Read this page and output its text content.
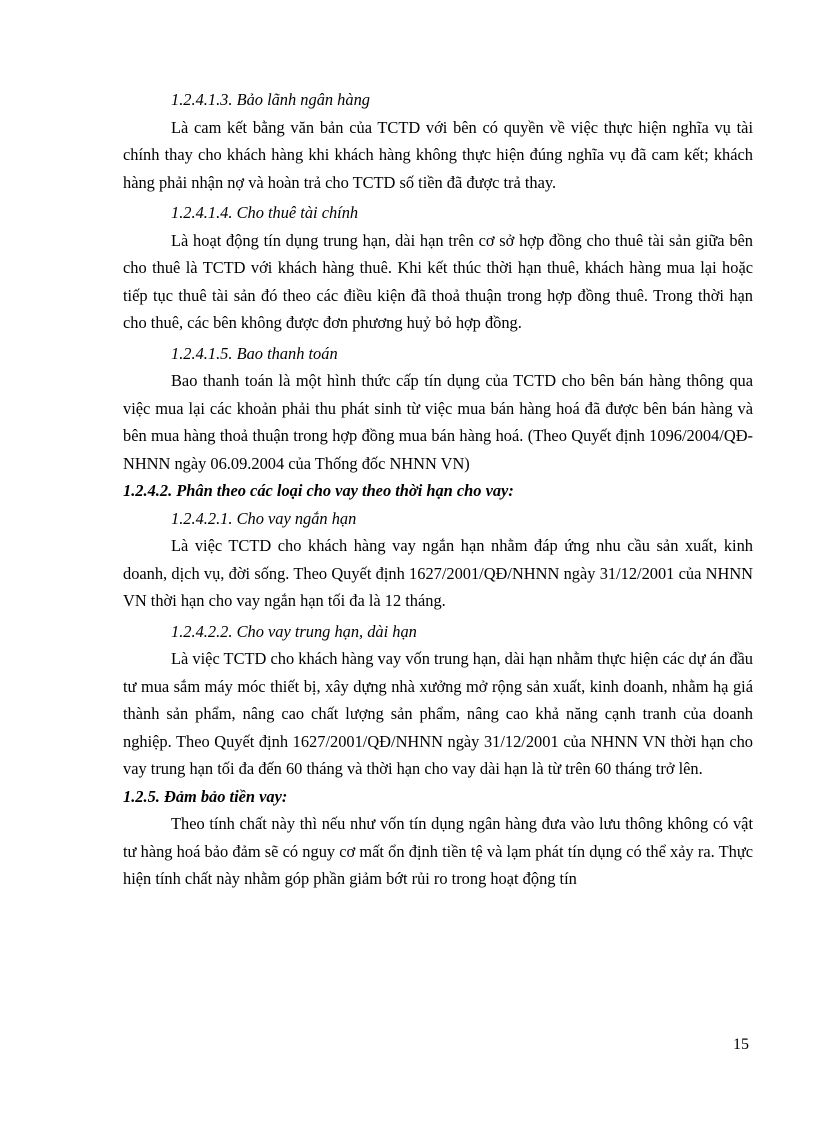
1.2.4.1.3. Bảo lãnh ngân hàng

Là cam kết bằng văn bản của TCTD với bên có quyền về việc thực hiện nghĩa vụ tài chính thay cho khách hàng khi khách hàng không thực hiện đúng nghĩa vụ đã cam kết; khách hàng phải nhận nợ và hoàn trả cho TCTD số tiền đã được trả thay.

1.2.4.1.4. Cho thuê tài chính

Là hoạt động tín dụng trung hạn, dài hạn trên cơ sở hợp đồng cho thuê tài sản giữa bên cho thuê là TCTD với khách hàng thuê. Khi kết thúc thời hạn thuê, khách hàng mua lại hoặc tiếp tục thuê tài sản đó theo các điều kiện đã thoả thuận trong hợp đồng thuê. Trong thời hạn cho thuê, các bên không được đơn phương huỷ bỏ hợp đồng.

1.2.4.1.5. Bao thanh toán

Bao thanh toán là một hình thức cấp tín dụng của TCTD cho bên bán hàng thông qua việc mua lại các khoản phải thu phát sinh từ việc mua bán hàng hoá đã được bên bán hàng và bên mua hàng thoả thuận trong hợp đồng mua bán hàng hoá. (Theo Quyết định 1096/2004/QĐ-NHNN ngày 06.09.2004 của Thống đốc NHNN VN)

1.2.4.2. Phân theo các loại cho vay theo thời hạn cho vay:

1.2.4.2.1. Cho vay ngắn hạn

Là việc TCTD cho khách hàng vay ngắn hạn nhằm đáp ứng nhu cầu sản xuất, kinh doanh, dịch vụ, đời sống. Theo Quyết định 1627/2001/QĐ/NHNN ngày 31/12/2001 của NHNN VN thời hạn cho vay ngắn hạn tối đa là 12 tháng.

1.2.4.2.2. Cho vay trung hạn, dài hạn

Là việc TCTD cho khách hàng vay vốn trung hạn, dài hạn nhằm thực hiện các dự án đầu tư mua sắm máy móc thiết bị, xây dựng nhà xưởng mở rộng sản xuất, kinh doanh, nhằm hạ giá thành sản phẩm, nâng cao chất lượng sản phẩm, nâng cao khả năng cạnh tranh của doanh nghiệp. Theo Quyết định 1627/2001/QĐ/NHNN ngày 31/12/2001 của NHNN VN thời hạn cho vay trung hạn tối đa đến 60 tháng và thời hạn cho vay dài hạn là từ trên 60 tháng trở lên.

1.2.5. Đảm bảo tiền vay:

Theo tính chất này thì nếu như vốn tín dụng ngân hàng đưa vào lưu thông không có vật tư hàng hoá bảo đảm sẽ có nguy cơ mất ổn định tiền tệ và lạm phát tín dụng có thể xảy ra. Thực hiện tính chất này nhằm góp phần giảm bớt rủi ro trong hoạt động tín

15
